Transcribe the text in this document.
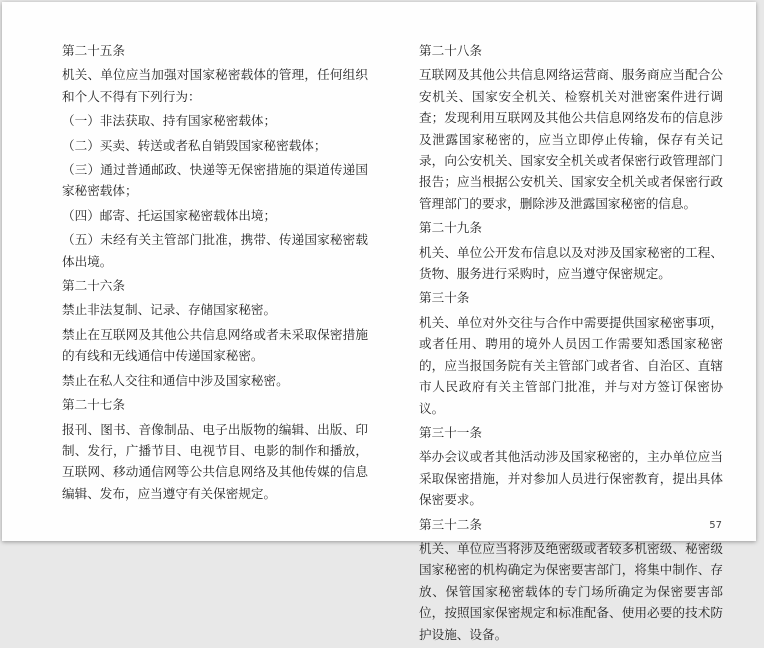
第二十五条

机关、单位应当加强对国家秘密载体的管理，任何组织和个人不得有下列行为：

（一）非法获取、持有国家秘密载体；

（二）买卖、转送或者私自销毁国家秘密载体；

（三）通过普通邮政、快递等无保密措施的渠道传递国家秘密载体；

（四）邮寄、托运国家秘密载体出境；

（五）未经有关主管部门批准，携带、传递国家秘密载体出境。

第二十六条

禁止非法复制、记录、存储国家秘密。

禁止在互联网及其他公共信息网络或者未采取保密措施的有线和无线通信中传递国家秘密。

禁止在私人交往和通信中涉及国家秘密。

第二十七条

报刊、图书、音像制品、电子出版物的编辑、出版、印制、发行，广播节目、电视节目、电影的制作和播放，互联网、移动通信网等公共信息网络及其他传媒的信息编辑、发布，应当遵守有关保密规定。

第二十八条

互联网及其他公共信息网络运营商、服务商应当配合公安机关、国家安全机关、检察机关对泄密案件进行调查；发现利用互联网及其他公共信息网络发布的信息涉及泄露国家秘密的，应当立即停止传输，保存有关记录，向公安机关、国家安全机关或者保密行政管理部门报告；应当根据公安机关、国家安全机关或者保密行政管理部门的要求，删除涉及泄露国家秘密的信息。

第二十九条

机关、单位公开发布信息以及对涉及国家秘密的工程、货物、服务进行采购时，应当遵守保密规定。

第三十条

机关、单位对外交往与合作中需要提供国家秘密事项，或者任用、聘用的境外人员因工作需要知悉国家秘密的，应当报国务院有关主管部门或者省、自治区、直辖市人民政府有关主管部门批准，并与对方签订保密协议。

第三十一条

举办会议或者其他活动涉及国家秘密的，主办单位应当采取保密措施，并对参加人员进行保密教育，提出具体保密要求。

第三十二条

机关、单位应当将涉及绝密级或者较多机密级、秘密级国家秘密的机构确定为保密要害部门，将集中制作、存放、保管国家秘密载体的专门场所确定为保密要害部位，按照国家保密规定和标准配备、使用必要的技术防护设施、设备。

57
